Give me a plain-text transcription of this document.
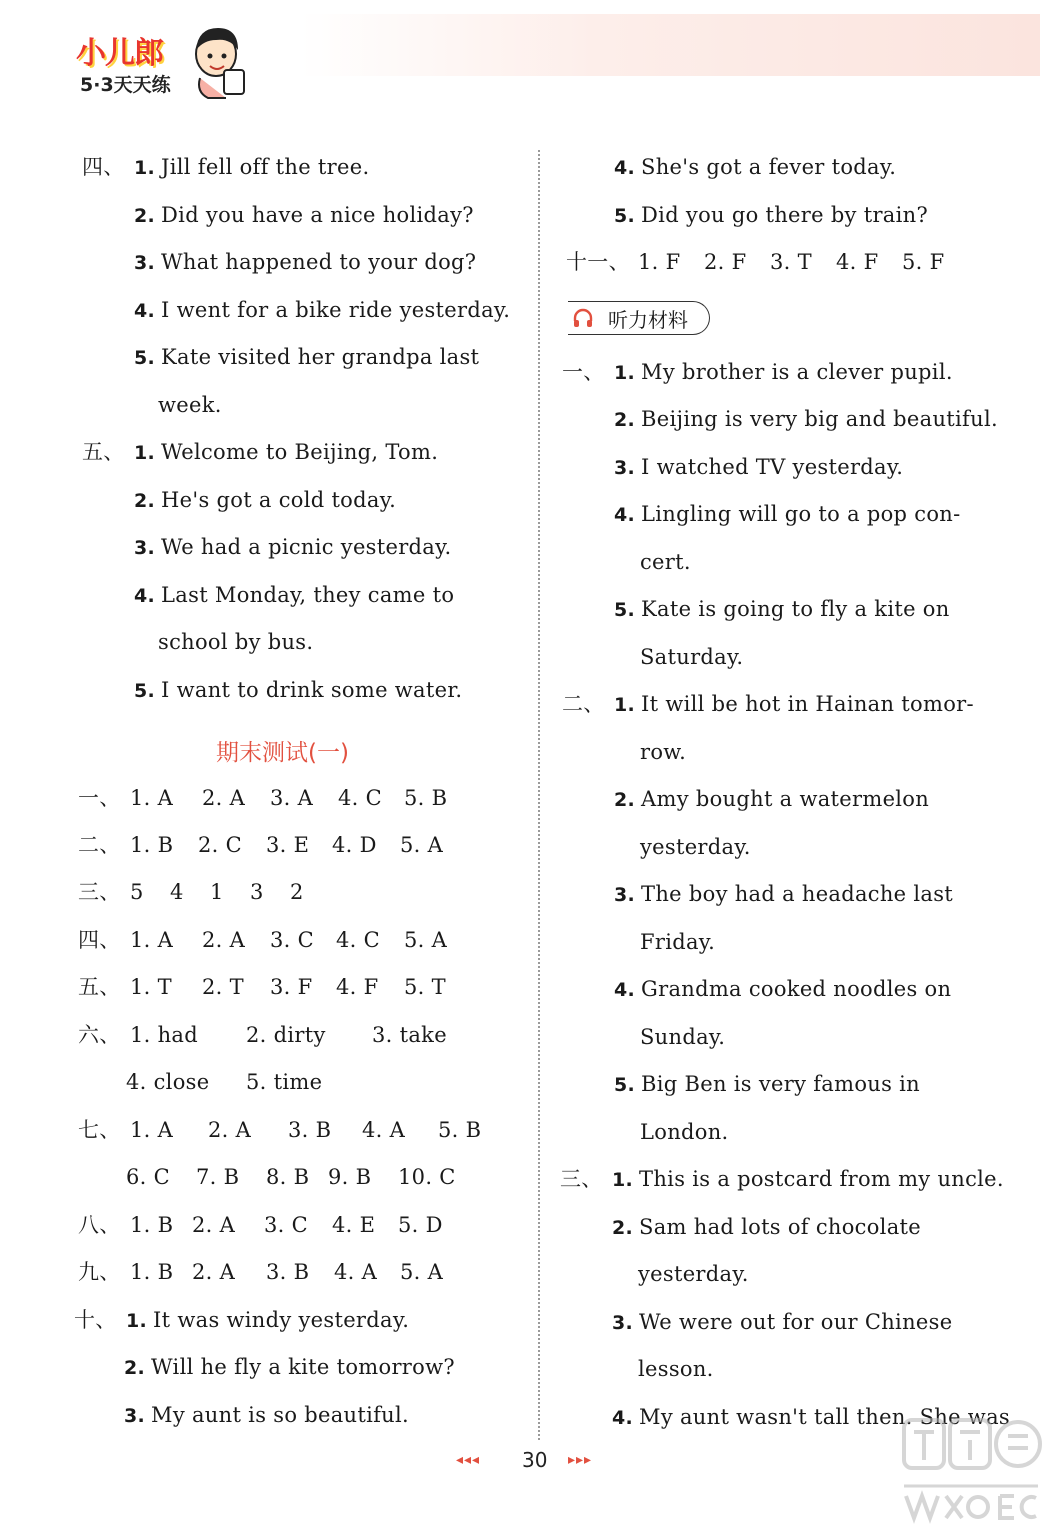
小儿郎
5·3天天练
四、 1. Jill fell off the tree.
2. Did you have a nice holiday?
3. What happened to your dog?
4. I went for a bike ride yesterday.
5. Kate visited her grandpa last
week.
五、 1. Welcome to Beijing, Tom.
2. He's got a cold today.
3. We had a picnic yesterday.
4. Last Monday, they came to
school by bus.
5. I want to drink some water.
期末测试(一)
一、 1. A 2. A 3. A 4. C 5. B
二、 1. B 2. C 3. E 4. D 5. A
三、 5 4 1 3 2
四、 1. A 2. A 3. C 4. C 5. A
五、 1. T 2. T 3. F 4. F 5. T
六、 1. had 2. dirty 3. take
4. close 5. time
七、 1. A 2. A 3. B 4. A 5. B
6. C 7. B 8. B 9. B 10. C
八、 1. B 2. A 3. C 4. E 5. D
九、 1. B 2. A 3. B 4. A 5. A
十、 1. It was windy yesterday.
2. Will he fly a kite tomorrow?
3. My aunt is so beautiful.
4. She's got a fever today.
5. Did you go there by train?
十一、 1. F 2. F 3. T 4. F 5. F
听力材料
一、 1. My brother is a clever pupil.
2. Beijing is very big and beautiful.
3. I watched TV yesterday.
4. Lingling will go to a pop con-
cert.
5. Kate is going to fly a kite on
Saturday.
二、 1. It will be hot in Hainan tomor-
row.
2. Amy bought a watermelon
yesterday.
3. The boy had a headache last
Friday.
4. Grandma cooked noodles on
Sunday.
5. Big Ben is very famous in
London.
三、 1. This is a postcard from my uncle.
2. Sam had lots of chocolate
yesterday.
3. We were out for our Chinese
lesson.
4. My aunt wasn't tall then. She was
◂◂◂ 30 ▸▸▸
